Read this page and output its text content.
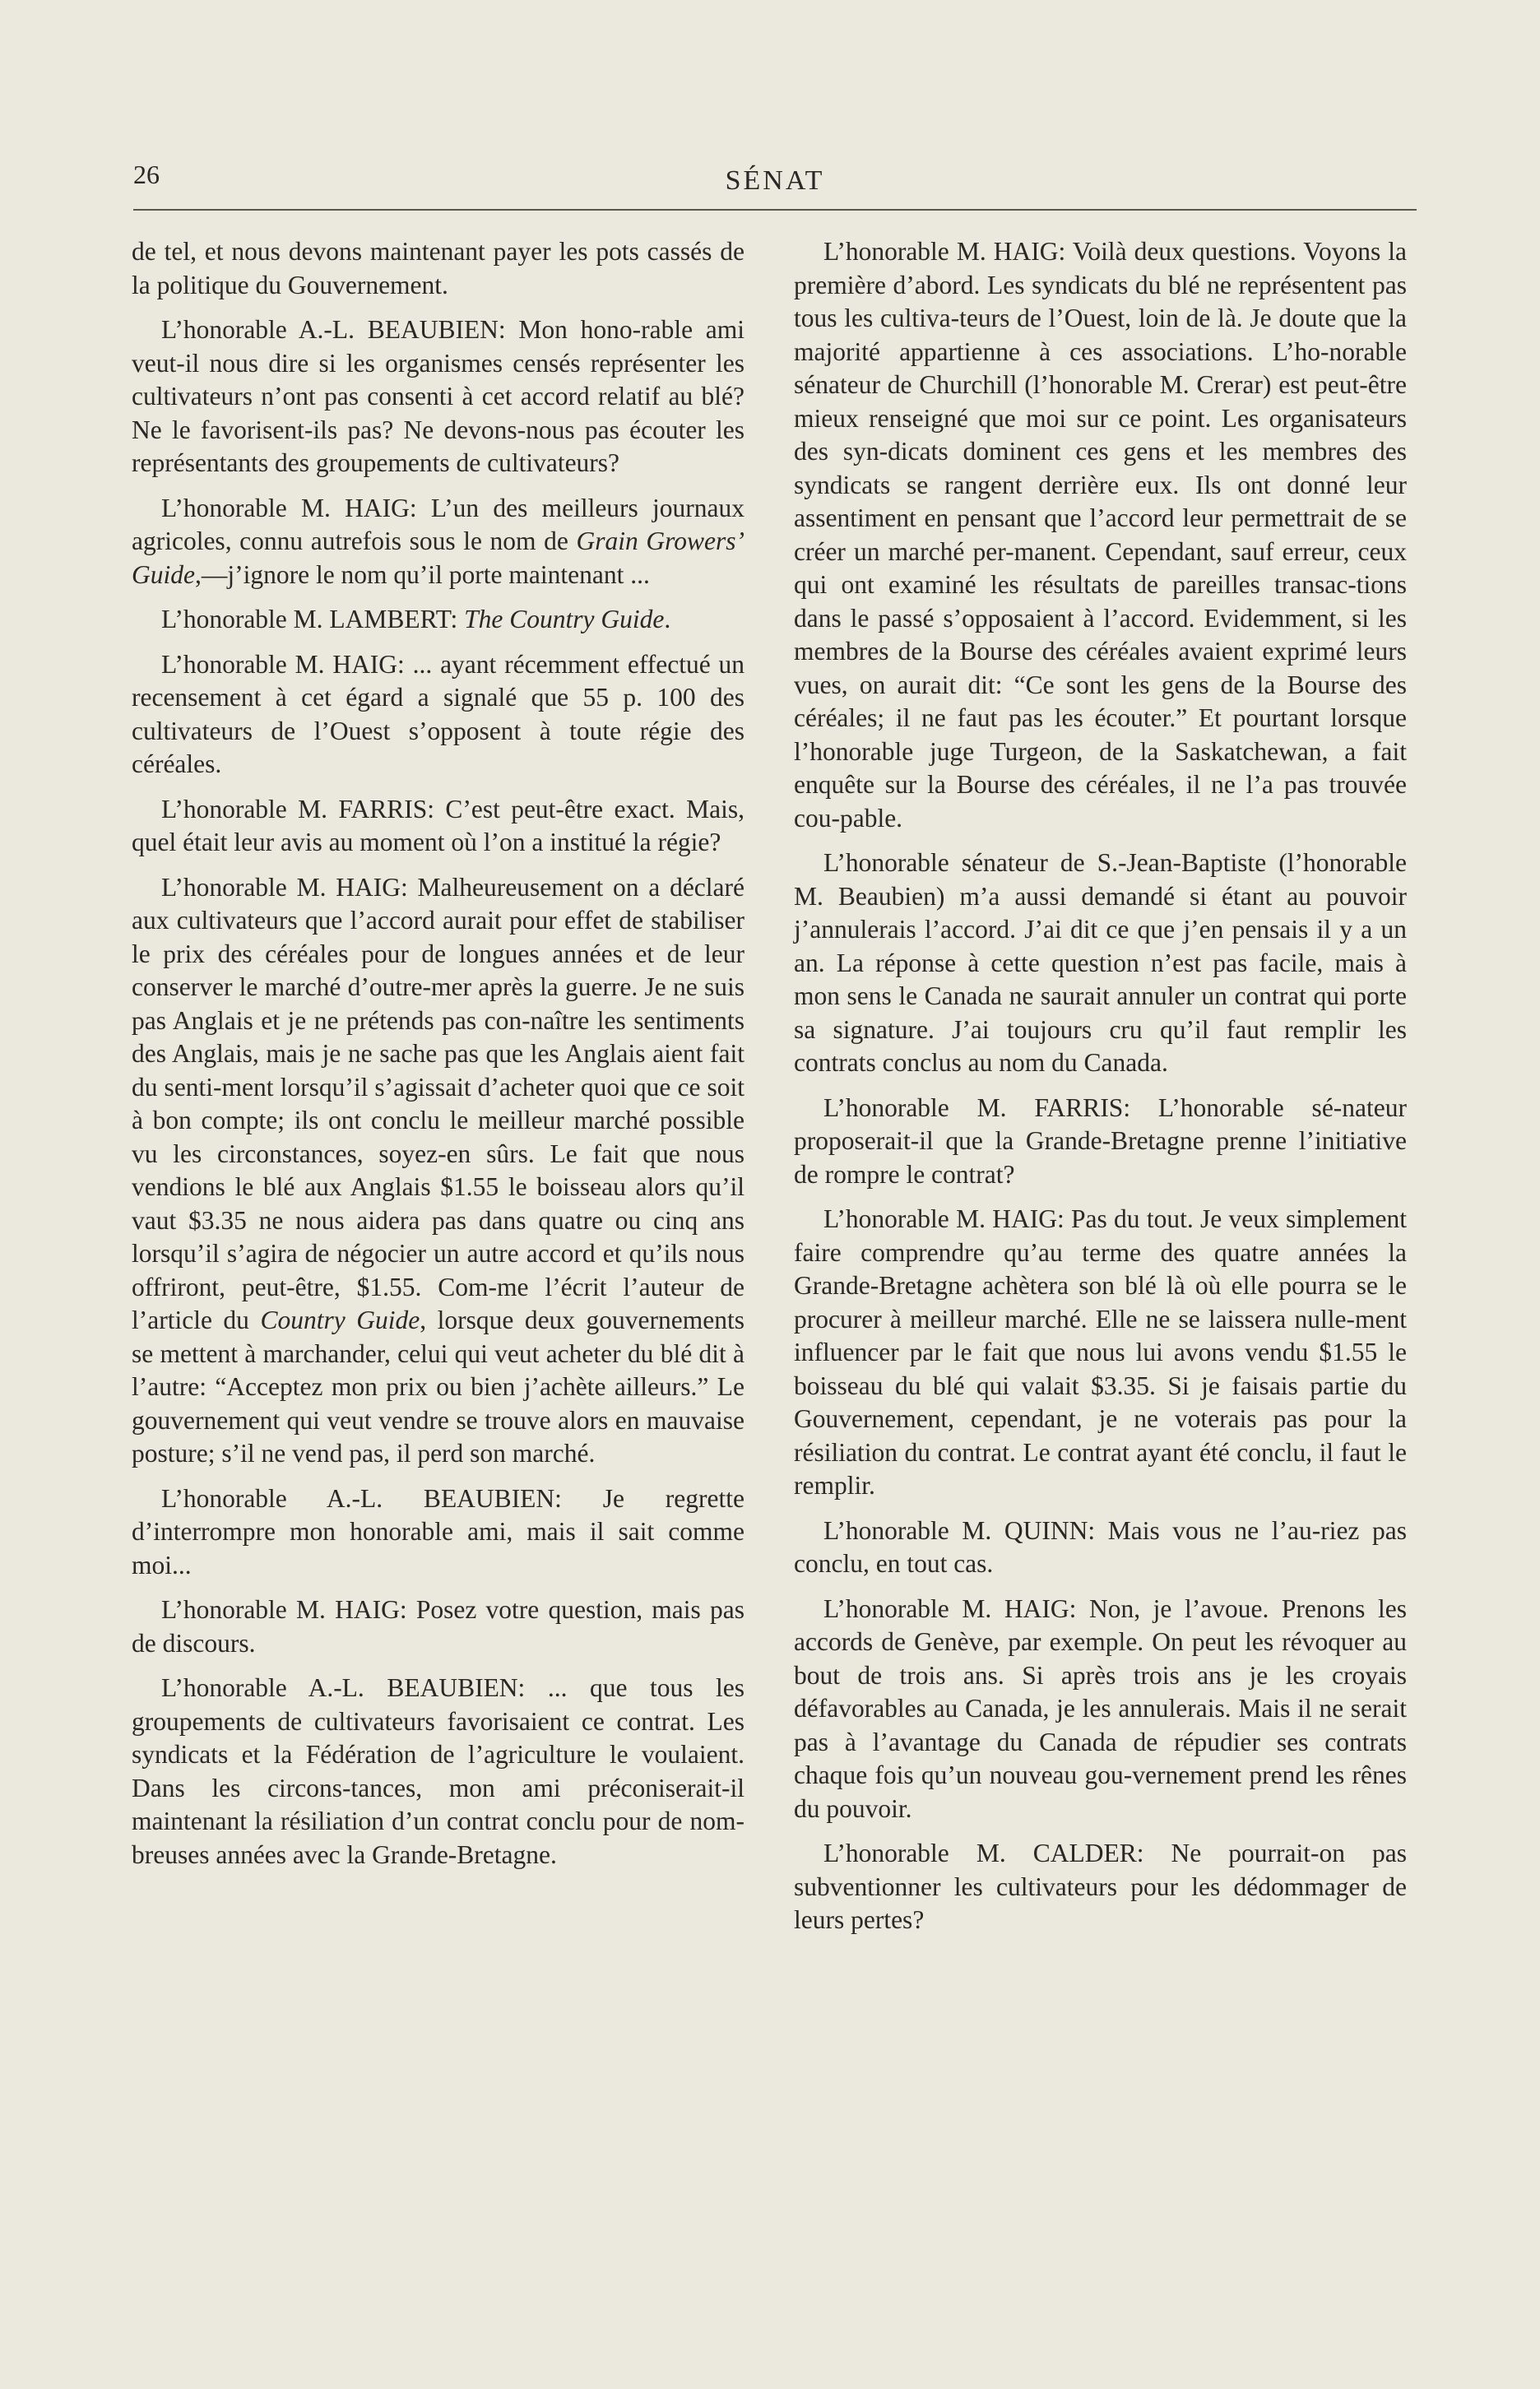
26	SÉNAT

de tel, et nous devons maintenant payer les pots cassés de la politique du Gouvernement.

L’honorable A.-L. BEAUBIEN: Mon hono-rable ami veut-il nous dire si les organismes censés représenter les cultivateurs n’ont pas consenti à cet accord relatif au blé? Ne le favorisent-ils pas? Ne devons-nous pas écouter les représentants des groupements de cultivateurs?

L’honorable M. HAIG: L’un des meilleurs journaux agricoles, connu autrefois sous le nom de Grain Growers’ Guide,—j’ignore le nom qu’il porte maintenant ...

L’honorable M. LAMBERT: The Country Guide.

L’honorable M. HAIG: ... ayant récemment effectué un recensement à cet égard a signalé que 55 p. 100 des cultivateurs de l’Ouest s’opposent à toute régie des céréales.

L’honorable M. FARRIS: C’est peut-être exact. Mais, quel était leur avis au moment où l’on a institué la régie?

L’honorable M. HAIG: Malheureusement on a déclaré aux cultivateurs que l’accord aurait pour effet de stabiliser le prix des céréales pour de longues années et de leur conserver le marché d’outre-mer après la guerre. Je ne suis pas Anglais et je ne prétends pas con-naître les sentiments des Anglais, mais je ne sache pas que les Anglais aient fait du senti-ment lorsqu’il s’agissait d’acheter quoi que ce soit à bon compte; ils ont conclu le meilleur marché possible vu les circonstances, soyez-en sûrs. Le fait que nous vendions le blé aux Anglais $1.55 le boisseau alors qu’il vaut $3.35 ne nous aidera pas dans quatre ou cinq ans lorsqu’il s’agira de négocier un autre accord et qu’ils nous offriront, peut-être, $1.55. Com-me l’écrit l’auteur de l’article du Country Guide, lorsque deux gouvernements se mettent à marchander, celui qui veut acheter du blé dit à l’autre: “Acceptez mon prix ou bien j’achète ailleurs.” Le gouvernement qui veut vendre se trouve alors en mauvaise posture; s’il ne vend pas, il perd son marché.

L’honorable A.-L. BEAUBIEN: Je regrette d’interrompre mon honorable ami, mais il sait comme moi...

L’honorable M. HAIG: Posez votre question, mais pas de discours.

L’honorable A.-L. BEAUBIEN: ... que tous les groupements de cultivateurs favorisaient ce contrat. Les syndicats et la Fédération de l’agriculture le voulaient. Dans les circons-tances, mon ami préconiserait-il maintenant la résiliation d’un contrat conclu pour de nom-breuses années avec la Grande-Bretagne.

L’honorable M. HAIG: Voilà deux questions. Voyons la première d’abord. Les syndicats du blé ne représentent pas tous les cultiva-teurs de l’Ouest, loin de là. Je doute que la majorité appartienne à ces associations. L’ho-norable sénateur de Churchill (l’honorable M. Crerar) est peut-être mieux renseigné que moi sur ce point. Les organisateurs des syn-dicats dominent ces gens et les membres des syndicats se rangent derrière eux. Ils ont donné leur assentiment en pensant que l’accord leur permettrait de se créer un marché per-manent. Cependant, sauf erreur, ceux qui ont examiné les résultats de pareilles transac-tions dans le passé s’opposaient à l’accord. Evidemment, si les membres de la Bourse des céréales avaient exprimé leurs vues, on aurait dit: “Ce sont les gens de la Bourse des céréales; il ne faut pas les écouter.” Et pourtant lorsque l’honorable juge Turgeon, de la Saskatchewan, a fait enquête sur la Bourse des céréales, il ne l’a pas trouvée cou-pable.

L’honorable sénateur de S.-Jean-Baptiste (l’honorable M. Beaubien) m’a aussi demandé si étant au pouvoir j’annulerais l’accord. J’ai dit ce que j’en pensais il y a un an. La réponse à cette question n’est pas facile, mais à mon sens le Canada ne saurait annuler un contrat qui porte sa signature. J’ai toujours cru qu’il faut remplir les contrats conclus au nom du Canada.

L’honorable M. FARRIS: L’honorable sé-nateur proposerait-il que la Grande-Bretagne prenne l’initiative de rompre le contrat?

L’honorable M. HAIG: Pas du tout. Je veux simplement faire comprendre qu’au terme des quatre années la Grande-Bretagne achètera son blé là où elle pourra se le procurer à meilleur marché. Elle ne se laissera nulle-ment influencer par le fait que nous lui avons vendu $1.55 le boisseau du blé qui valait $3.35. Si je faisais partie du Gouvernement, cependant, je ne voterais pas pour la résiliation du contrat. Le contrat ayant été conclu, il faut le remplir.

L’honorable M. QUINN: Mais vous ne l’au-riez pas conclu, en tout cas.

L’honorable M. HAIG: Non, je l’avoue. Prenons les accords de Genève, par exemple. On peut les révoquer au bout de trois ans. Si après trois ans je les croyais défavorables au Canada, je les annulerais. Mais il ne serait pas à l’avantage du Canada de répudier ses contrats chaque fois qu’un nouveau gou-vernement prend les rênes du pouvoir.

L’honorable M. CALDER: Ne pourrait-on pas subventionner les cultivateurs pour les dédommager de leurs pertes?
